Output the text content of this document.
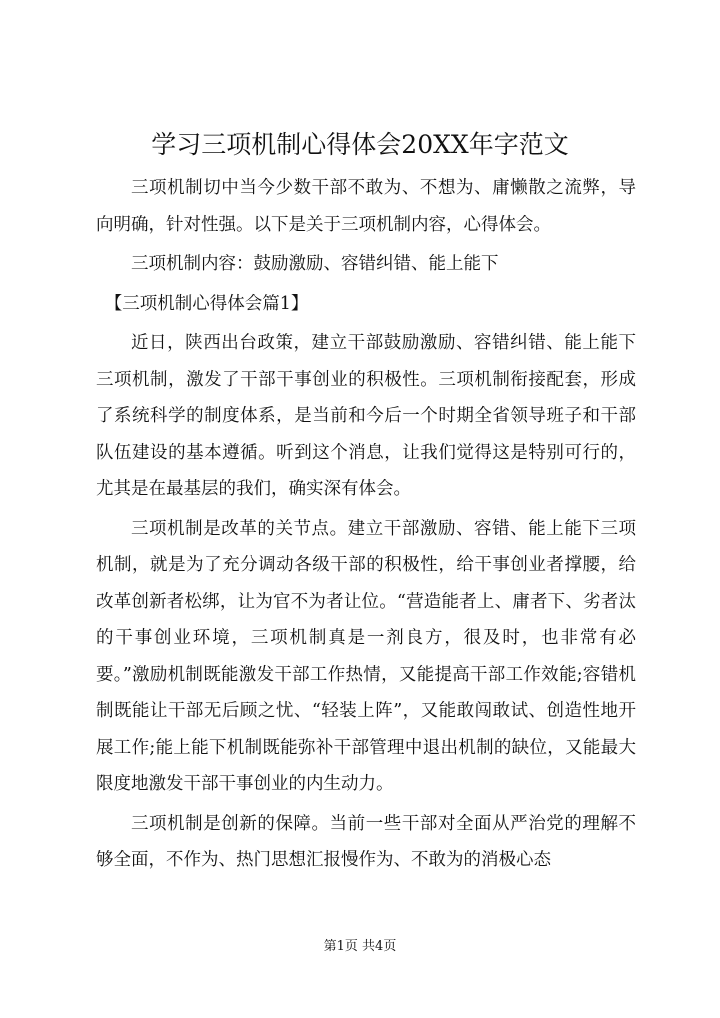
学习三项机制心得体会20XX年字范文

三项机制切中当今少数干部不敢为、不想为、庸懒散之流弊，导向明确，针对性强。以下是关于三项机制内容，心得体会。

三项机制内容：鼓励激励、容错纠错、能上能下

【三项机制心得体会篇1】

近日，陕西出台政策，建立干部鼓励激励、容错纠错、能上能下三项机制，激发了干部干事创业的积极性。三项机制衔接配套，形成了系统科学的制度体系，是当前和今后一个时期全省领导班子和干部队伍建设的基本遵循。听到这个消息，让我们觉得这是特别可行的，尤其是在最基层的我们，确实深有体会。

三项机制是改革的关节点。建立干部激励、容错、能上能下三项机制，就是为了充分调动各级干部的积极性，给干事创业者撑腰，给改革创新者松绑，让为官不为者让位。“营造能者上、庸者下、劣者汰的干事创业环境，三项机制真是一剂良方，很及时，也非常有必要。”激励机制既能激发干部工作热情，又能提高干部工作效能;容错机制既能让干部无后顾之忧、“轻装上阵”，又能敢闯敢试、创造性地开展工作;能上能下机制既能弥补干部管理中退出机制的缺位，又能最大限度地激发干部干事创业的内生动力。

三项机制是创新的保障。当前一些干部对全面从严治党的理解不够全面，不作为、热门思想汇报慢作为、不敢为的消极心态

第1页 共4页
